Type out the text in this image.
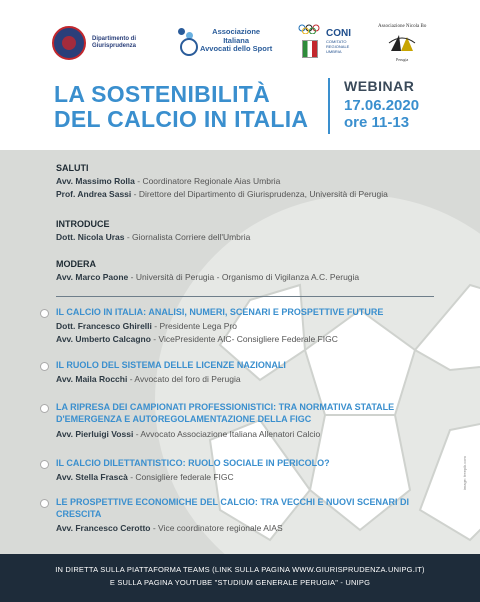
Dipartimento di
Giurisprudenza
Associazione
Italiana
Avvocati dello Sport
CONI
COMITATO
REGIONALE
UMBRIA
Associazione Nicola Bo
Perugia
LA SOSTENIBILITÀ
DEL CALCIO IN ITALIA
WEBINAR
17.06.2020
ore 11-13
SALUTI
Avv. Massimo Rolla - Coordinatore Regionale Aias Umbria
Prof. Andrea Sassi - Direttore del Dipartimento di Giurisprudenza, Università di Perugia
INTRODUCE
Dott. Nicola Uras - Giornalista Corriere dell'Umbria
MODERA
Avv. Marco Paone - Università di Perugia - Organismo di Vigilanza A.C. Perugia
IL CALCIO IN ITALIA: ANALISI, NUMERI, SCENARI E PROSPETTIVE FUTURE
Dott. Francesco Ghirelli - Presidente Lega Pro
Avv. Umberto Calcagno - VicePresidente AIC- Consigliere Federale FIGC
IL RUOLO DEL SISTEMA DELLE LICENZE NAZIONALI
Avv. Maila Rocchi - Avvocato del foro di Perugia
LA RIPRESA DEI CAMPIONATI PROFESSIONISTICI: TRA NORMATIVA STATALE D'EMERGENZA E AUTOREGOLAMENTAZIONE DELLA FIGC
Avv. Pierluigi Vossi - Avvocato Associazione Italiana Allenatori Calcio
IL CALCIO DILETTANTISTICO: RUOLO SOCIALE IN PERICOLO?
Avv. Stella Frascà - Consigliere federale FIGC
LE PROSPETTIVE ECONOMICHE DEL CALCIO: TRA VECCHI E NUOVI SCENARI DI CRESCITA
Avv. Francesco Cerotto - Vice coordinatore regionale AIAS
image: freepik.com
IN DIRETTA SULLA PIATTAFORMA TEAMS (LINK SULLA PAGINA WWW.GIURISPRUDENZA.UNIPG.IT)
E SULLA PAGINA YOUTUBE "STUDIUM GENERALE PERUGIA" - UNIPG
